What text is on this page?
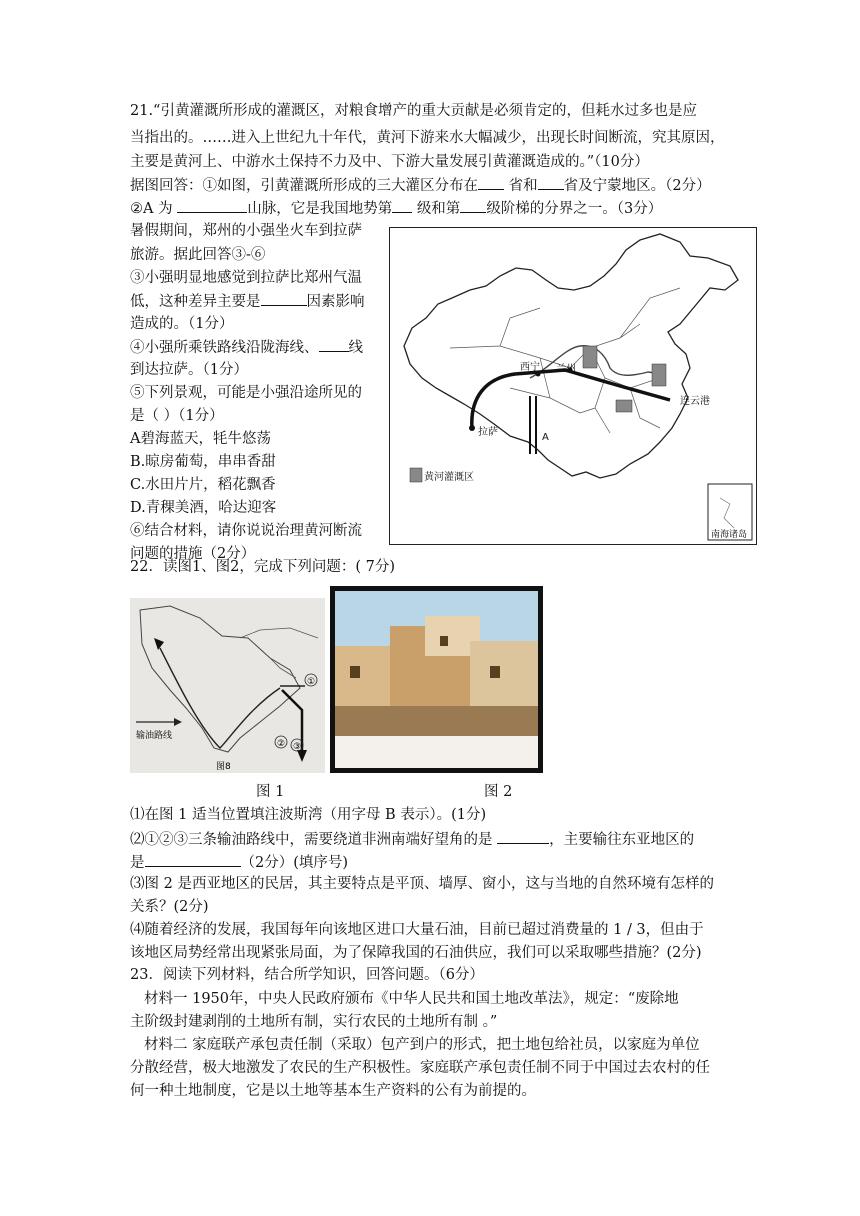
21.“引黄灌溉所形成的灌溉区，对粮食增产的重大贡献是必须肯定的，但耗水过多也是应
当指出的。……进入上世纪九十年代，黄河下游来水大幅减少，出现长时间断流，究其原因，
主要是黄河上、中游水土保持不力及中、下游大量发展引黄灌溉造成的。”（10分）
据图回答：①如图，引黄灌溉所形成的三大灌区分布在 省和 省及宁蒙地区。（2分）
②A 为	山脉，它是我国地势第 级和第 级阶梯的分界之一。（3分）
暑假期间，郑州的小强坐火车到拉萨
旅游。据此回答③-⑥
③小强明显地感觉到拉萨比郑州气温
低，这种差异主要是	因素影响
造成的。（1分）
④小强所乘铁路线沿陇海线、 线
到达拉萨。（1分）
⑤下列景观，可能是小强沿途所见的
是（ ）（1分）
A碧海蓝天，牦牛悠荡
B.晾房葡萄，串串香甜
C.水田片片，稻花飘香
D.青稞美酒，哈达迎客
⑥结合材料，请你说说治理黄河断流
问题的措施（2分）
A
西宁 兰州
拉萨
连云港
黄河灌溉区
南海诸岛
22．读图1、图2，完成下列问题：( 7分)
①
② ③
输油路线
图8
图 1	图 2
⑴在图 1 适当位置填注波斯湾（用字母 B 表示）。(1分)
⑵①②③三条输油路线中，需要绕道非洲南端好望角的是	，主要输往东亚地区的
是	（2分）(填序号)
⑶图 2 是西亚地区的民居，其主要特点是平顶、墙厚、窗小，这与当地的自然环境有怎样的
关系？(2分)
⑷随着经济的发展，我国每年向该地区进口大量石油，目前已超过消费量的 1 / 3，但由于
该地区局势经常出现紧张局面，为了保障我国的石油供应，我们可以采取哪些措施？(2分)
23．阅读下列材料，结合所学知识，回答问题。（6分）
材料一 1950年，中央人民政府颁布《中华人民共和国土地改革法》，规定：“废除地
主阶级封建剥削的土地所有制，实行农民的土地所有制 。”
材料二 家庭联产承包责任制（采取）包产到户的形式，把土地包给社员，以家庭为单位
分散经营，极大地激发了农民的生产积极性。家庭联产承包责任制不同于中国过去农村的任
何一种土地制度，它是以土地等基本生产资料的公有为前提的。
